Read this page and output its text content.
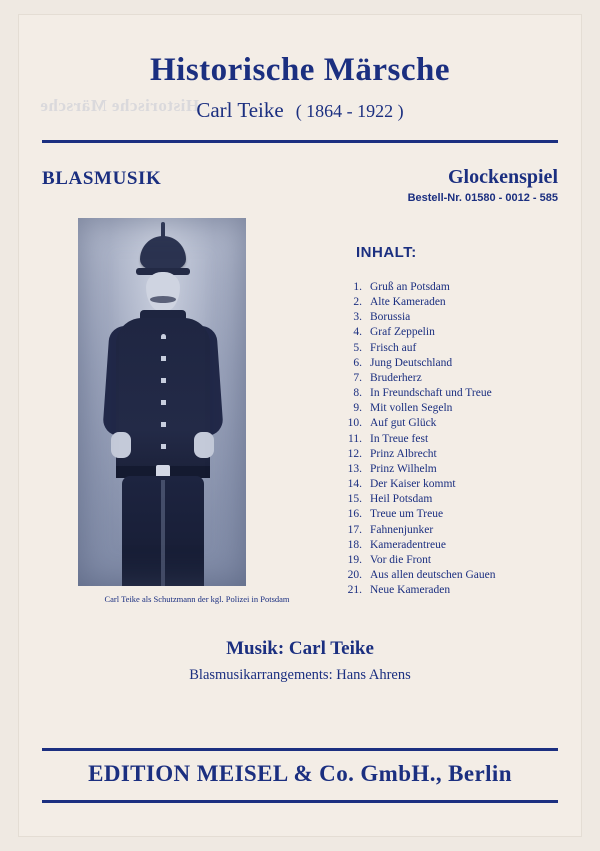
Historische Märsche
Historische Märsche
Carl Teike ( 1864 - 1922 )
BLASMUSIK	Glockenspiel
Bestell-Nr. 01580 - 0012 - 585
Carl Teike als Schutzmann der kgl. Polizei in Potsdam
INHALT:
1. Gruß an Potsdam
2. Alte Kameraden
3. Borussia
4. Graf Zeppelin
5. Frisch auf
6. Jung Deutschland
7. Bruderherz
8. In Freundschaft und Treue
9. Mit vollen Segeln
10. Auf gut Glück
11. In Treue fest
12. Prinz Albrecht
13. Prinz Wilhelm
14. Der Kaiser kommt
15. Heil Potsdam
16. Treue um Treue
17. Fahnenjunker
18. Kameradentreue
19. Vor die Front
20. Aus allen deutschen Gauen
21. Neue Kameraden
Musik: Carl Teike
Blasmusikarrangements: Hans Ahrens
EDITION MEISEL & Co. GmbH., Berlin
